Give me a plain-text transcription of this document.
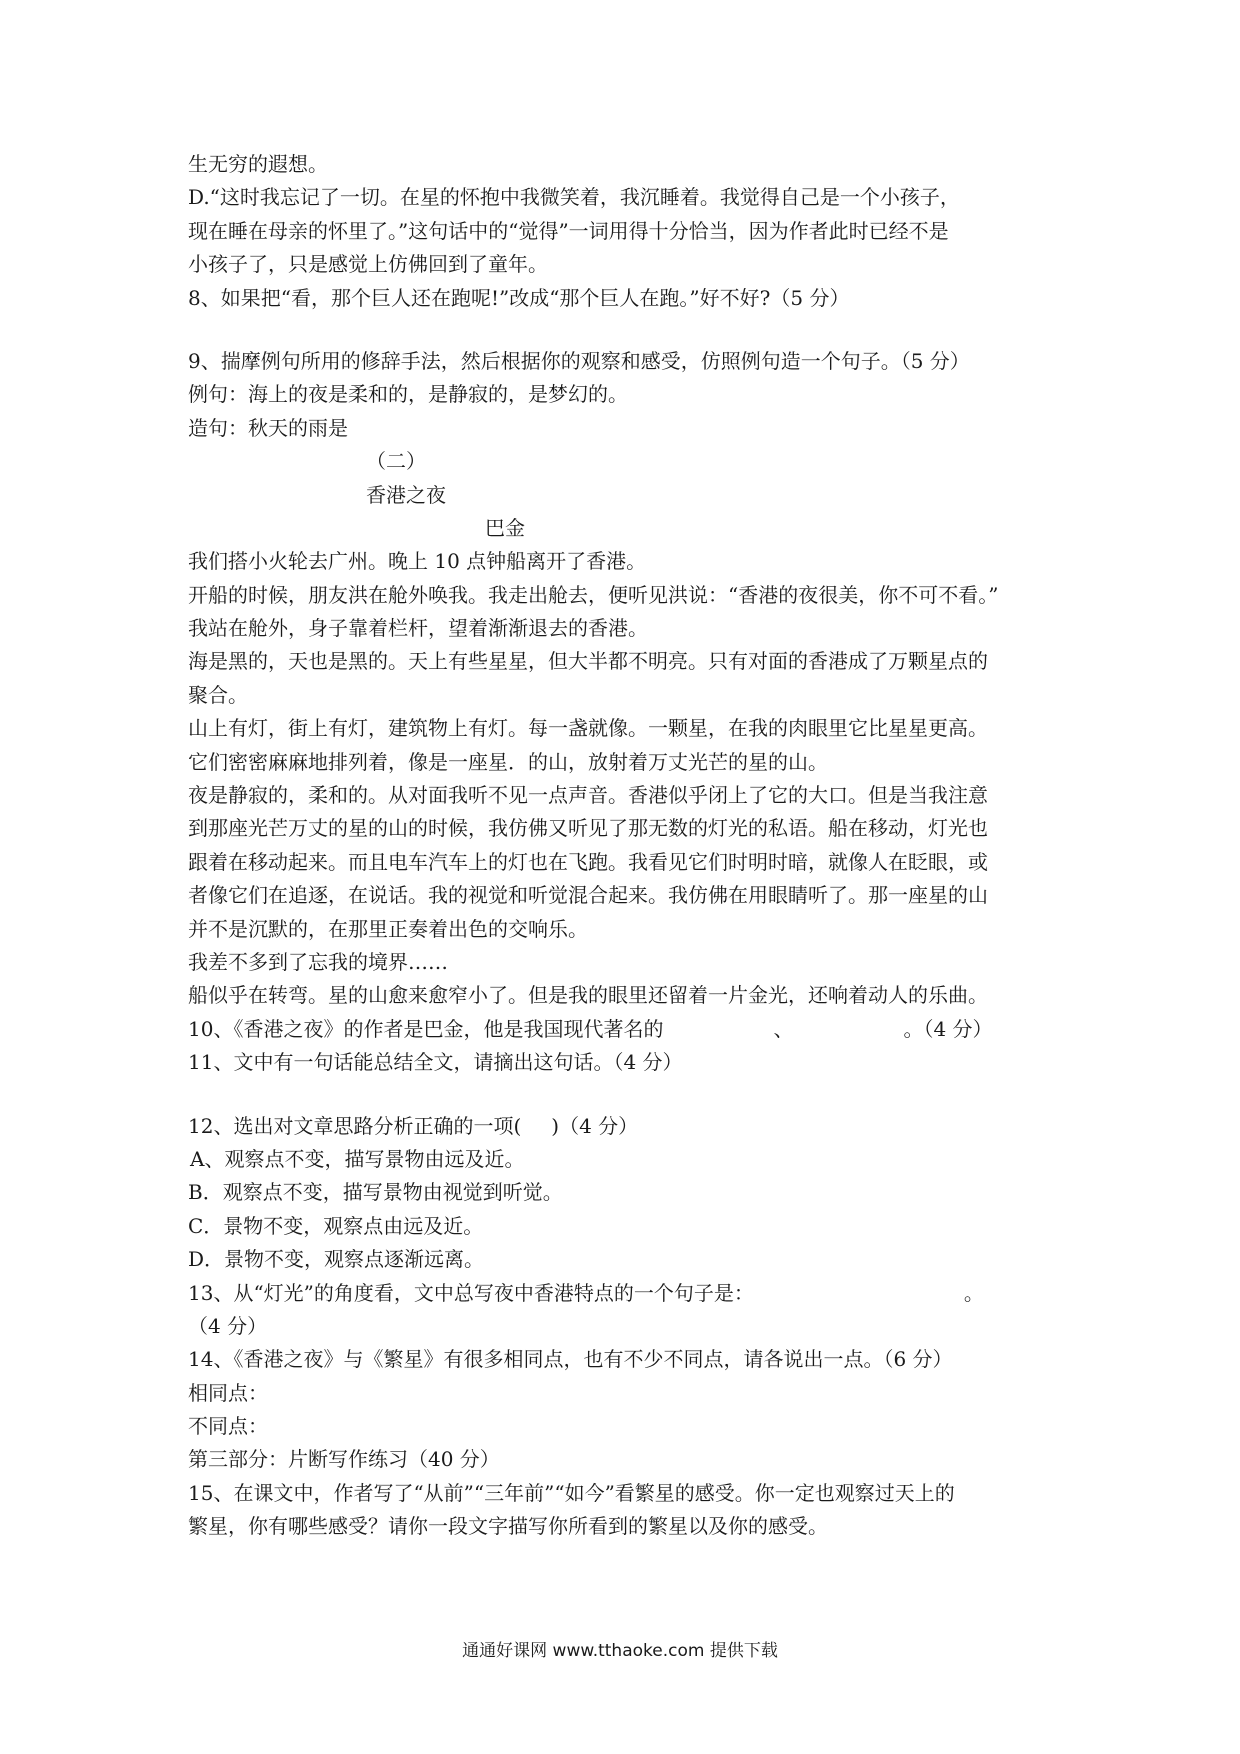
生无穷的遐想。
D.“这时我忘记了一切。在星的怀抱中我微笑着，我沉睡着。我觉得自己是一个小孩子，
现在睡在母亲的怀里了。”这句话中的“觉得”一词用得十分恰当，因为作者此时已经不是
小孩子了，只是感觉上仿佛回到了童年。
8、如果把“看，那个巨人还在跑呢!”改成“那个巨人在跑。”好不好?（5 分）
9、揣摩例句所用的修辞手法，然后根据你的观察和感受，仿照例句造一个句子。（5 分）
例句：海上的夜是柔和的，是静寂的，是梦幻的。
造句：秋天的雨是
（二）
香港之夜
巴金
我们搭小火轮去广州。晚上 10 点钟船离开了香港。
开船的时候，朋友洪在舱外唤我。我走出舱去，便听见洪说：“香港的夜很美，你不可不看。”
我站在舱外，身子靠着栏杆，望着渐渐退去的香港。
海是黑的，天也是黑的。天上有些星星，但大半都不明亮。只有对面的香港成了万颗星点的
聚合。
山上有灯，街上有灯，建筑物上有灯。每一盏就像。一颗星，在我的肉眼里它比星星更高。
它们密密麻麻地排列着，像是一座星．的山，放射着万丈光芒的星的山。
夜是静寂的，柔和的。从对面我听不见一点声音。香港似乎闭上了它的大口。但是当我注意
到那座光芒万丈的星的山的时候，我仿佛又听见了那无数的灯光的私语。船在移动，灯光也
跟着在移动起来。而且电车汽车上的灯也在飞跑。我看见它们时明时暗，就像人在眨眼，或
者像它们在追逐，在说话。我的视觉和听觉混合起来。我仿佛在用眼睛听了。那一座星的山
并不是沉默的，在那里正奏着出色的交响乐。
我差不多到了忘我的境界……
船似乎在转弯。星的山愈来愈窄小了。但是我的眼里还留着一片金光，还响着动人的乐曲。
10、《香港之夜》的作者是巴金，他是我国现代著名的	、	。（4 分）
11、文中有一句话能总结全文，请摘出这句话。（4 分）
12、选出对文章思路分析正确的一项( )（4 分）
A、观察点不变，描写景物由远及近。
B．观察点不变，描写景物由视觉到听觉。
C．景物不变，观察点由远及近。
D．景物不变，观察点逐渐远离。
13、从“灯光”的角度看，文中总写夜中香港特点的一个句子是：	。
（4 分）
14、《香港之夜》与《繁星》有很多相同点，也有不少不同点，请各说出一点。（6 分）
相同点：
不同点：
第三部分：片断写作练习（40 分）
15、在课文中，作者写了“从前”“三年前”“如今”看繁星的感受。你一定也观察过天上的
繁星，你有哪些感受？请你一段文字描写你所看到的繁星以及你的感受。
通通好课网 www.tthaoke.com 提供下载
